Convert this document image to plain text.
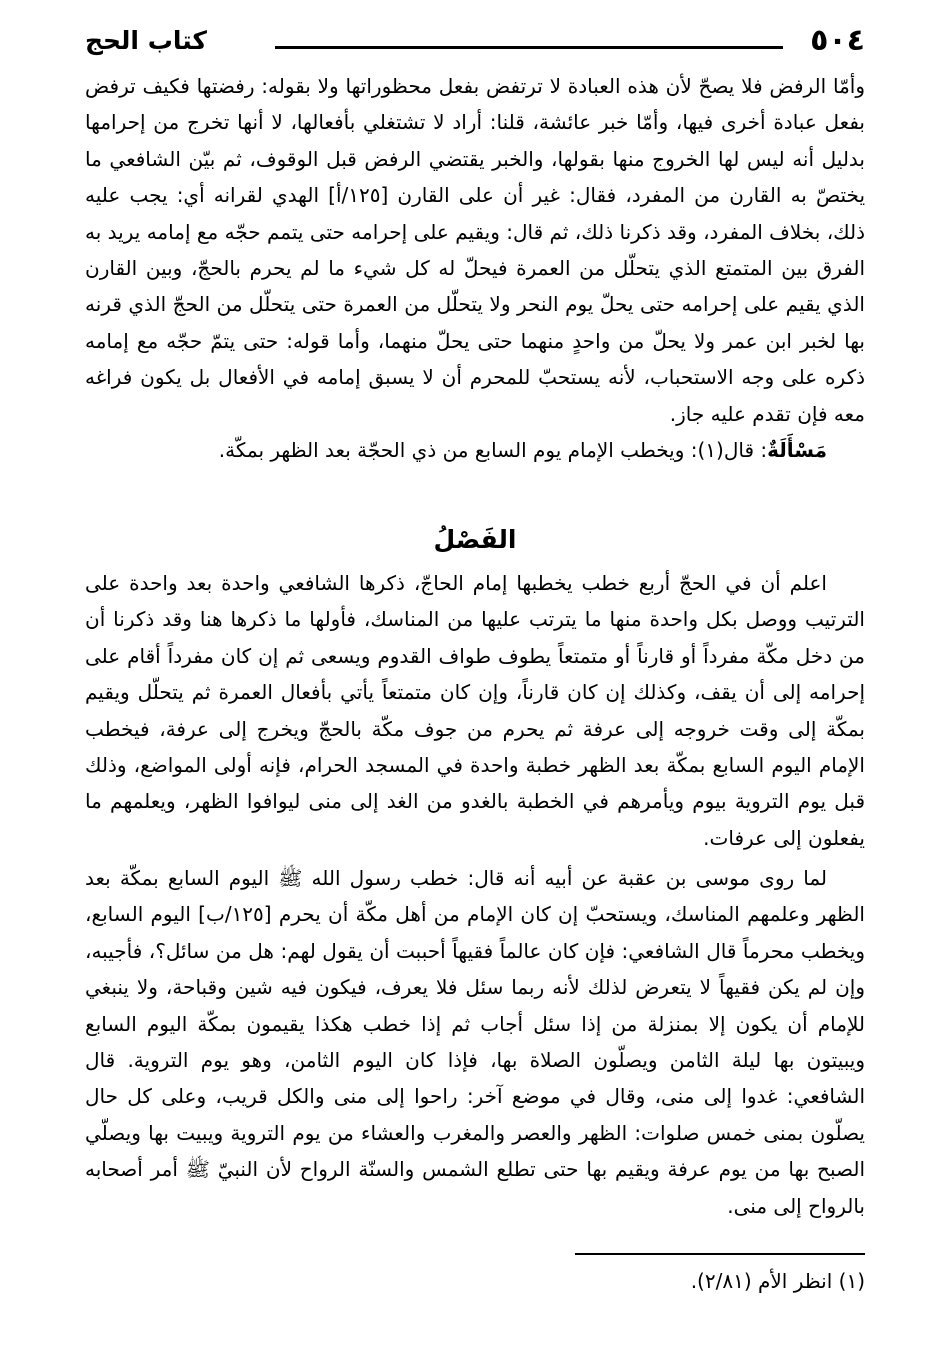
٥٠٤
كتاب الحج

وأمّا الرفض فلا يصحّ لأن هذه العبادة لا ترتفض بفعل محظوراتها ولا بقوله: رفضتها فكيف ترفض بفعل عبادة أخرى فيها، وأمّا خبر عائشة، قلنا: أراد لا تشتغلي بأفعالها، لا أنها تخرج من إحرامها بدليل أنه ليس لها الخروج منها بقولها، والخبر يقتضي الرفض قبل الوقوف، ثم بيّن الشافعي ما يختصّ به القارن من المفرد، فقال: غير أن على القارن [١٢٥/أ] الهدي لقرانه أي: يجب عليه ذلك، بخلاف المفرد، وقد ذكرنا ذلك، ثم قال: ويقيم على إحرامه حتى يتمم حجّه مع إمامه يريد به الفرق بين المتمتع الذي يتحلّل من العمرة فيحلّ له كل شيء ما لم يحرم بالحجّ، وبين القارن الذي يقيم على إحرامه حتى يحلّ يوم النحر ولا يتحلّل من العمرة حتى يتحلّل من الحجّ الذي قرنه بها لخبر ابن عمر ولا يحلّ من واحدٍ منهما حتى يحلّ منهما، وأما قوله: حتى يتمّ حجّه مع إمامه ذكره على وجه الاستحباب، لأنه يستحبّ للمحرم أن لا يسبق إمامه في الأفعال بل يكون فراغه معه فإن تقدم عليه جاز.

مَسْأَلَةٌ: قال(١): ويخطب الإمام يوم السابع من ذي الحجّة بعد الظهر بمكّة.

الفَصْلُ

اعلم أن في الحجّ أربع خطب يخطبها إمام الحاجّ، ذكرها الشافعي واحدة بعد واحدة على الترتيب ووصل بكل واحدة منها ما يترتب عليها من المناسك، فأولها ما ذكرها هنا وقد ذكرنا أن من دخل مكّة مفرداً أو قارناً أو متمتعاً يطوف طواف القدوم ويسعى ثم إن كان مفرداً أقام على إحرامه إلى أن يقف، وكذلك إن كان قارناً، وإن كان متمتعاً يأتي بأفعال العمرة ثم يتحلّل ويقيم بمكّة إلى وقت خروجه إلى عرفة ثم يحرم من جوف مكّة بالحجّ ويخرج إلى عرفة، فيخطب الإمام اليوم السابع بمكّة بعد الظهر خطبة واحدة في المسجد الحرام، فإنه أولى المواضع، وذلك قبل يوم التروية بيوم ويأمرهم في الخطبة بالغدو من الغد إلى منى ليوافوا الظهر، ويعلمهم ما يفعلون إلى عرفات.

لما روى موسى بن عقبة عن أبيه أنه قال: خطب رسول الله ﷺ اليوم السابع بمكّة بعد الظهر وعلمهم المناسك، ويستحبّ إن كان الإمام من أهل مكّة أن يحرم [١٢٥/ب] اليوم السابع، ويخطب محرماً قال الشافعي: فإن كان عالماً فقيهاً أحببت أن يقول لهم: هل من سائل؟، فأجيبه، وإن لم يكن فقيهاً لا يتعرض لذلك لأنه ربما سئل فلا يعرف، فيكون فيه شين وقباحة، ولا ينبغي للإمام أن يكون إلا بمنزلة من إذا سئل أجاب ثم إذا خطب هكذا يقيمون بمكّة اليوم السابع ويبيتون بها ليلة الثامن ويصلّون الصلاة بها، فإذا كان اليوم الثامن، وهو يوم التروية. قال الشافعي: غدوا إلى منى، وقال في موضع آخر: راحوا إلى منى والكل قريب، وعلى كل حال يصلّون بمنى خمس صلوات: الظهر والعصر والمغرب والعشاء من يوم التروية ويبيت بها ويصلّي الصبح بها من يوم عرفة ويقيم بها حتى تطلع الشمس والسنّة الرواح لأن النبيّ ﷺ أمر أصحابه بالرواح إلى منى.

(١) انظر الأم (٢/٨١).
